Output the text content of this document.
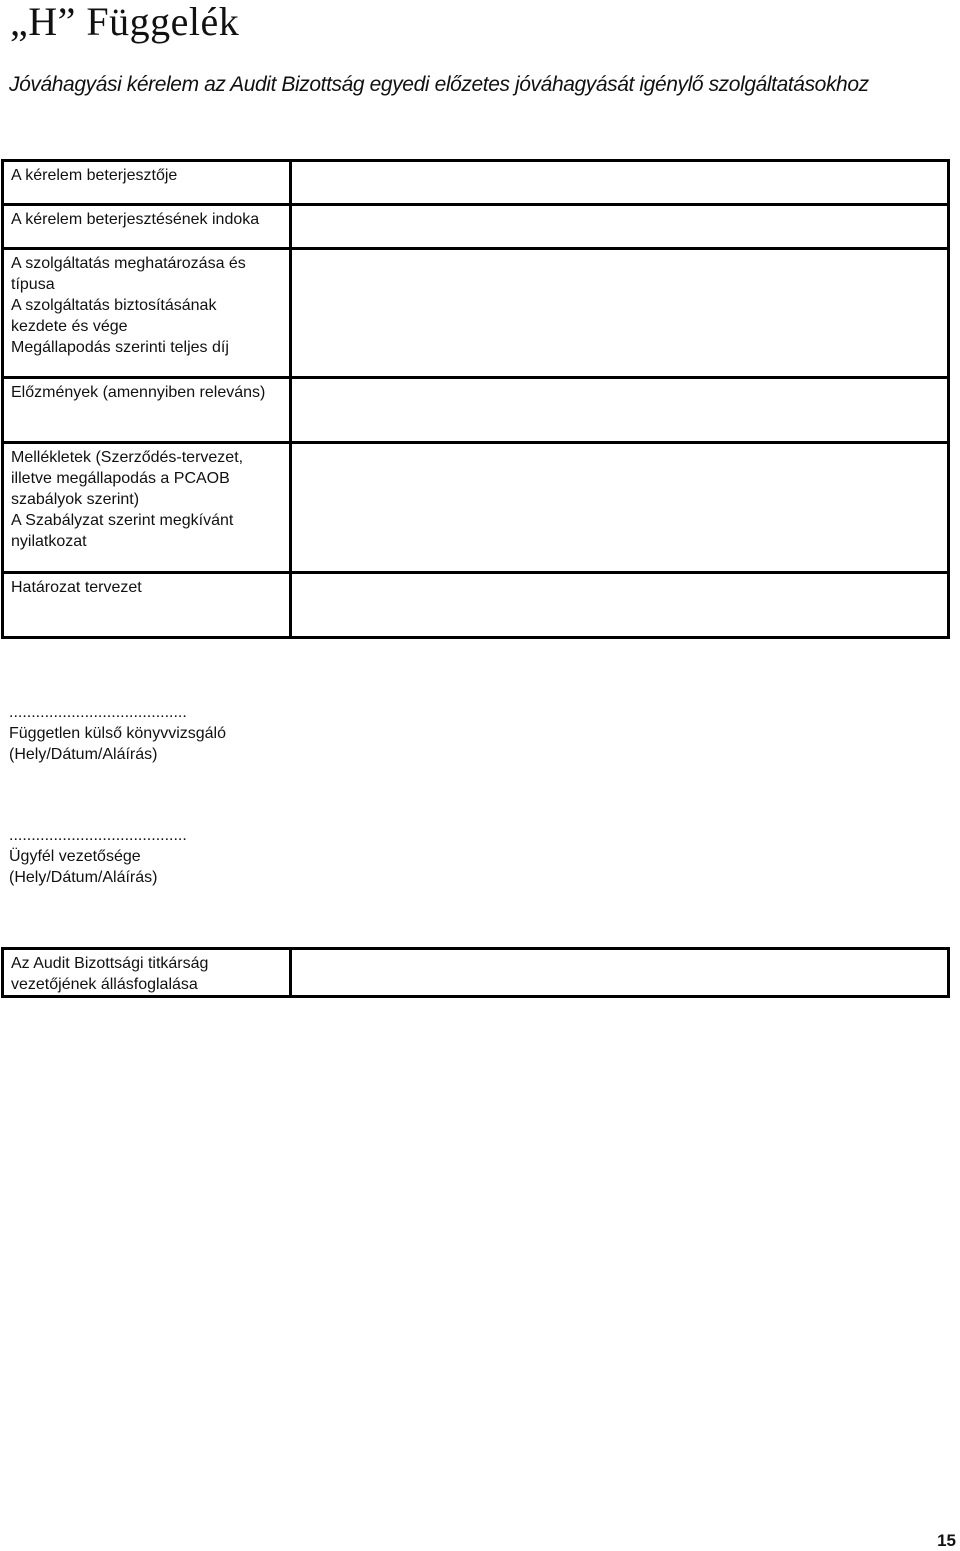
„H” Függelék

Jóváhagyási kérelem az Audit Bizottság egyedi előzetes jóváhagyását igénylő szolgáltatásokhoz

A kérelem beterjesztője	

A kérelem beterjesztésének indoka	

A szolgáltatás meghatározása és
típusa
A szolgáltatás biztosításának
kezdete és vége
Megállapodás szerinti teljes díj	

Előzmények (amennyiben releváns)	

Mellékletek (Szerződés-tervezet,
illetve megállapodás a PCAOB
szabályok szerint)
A Szabályzat szerint megkívánt
nyilatkozat	

Határozat tervezet	

........................................
Független külső könyvvizsgáló
(Hely/Dátum/Aláírás)
........................................
Ügyfél vezetősége
(Hely/Dátum/Aláírás)
Az Audit Bizottsági titkárság
vezetőjének állásfoglalása

15
